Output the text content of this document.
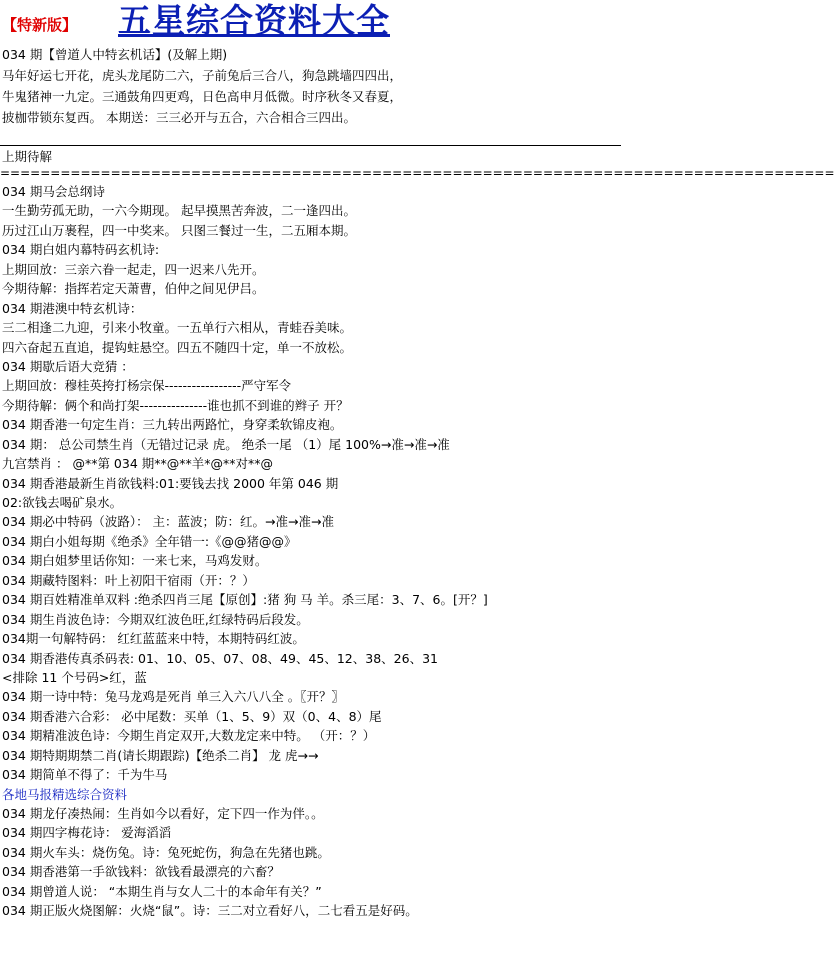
【特新版】 五星综合资料大全
034 期【曾道人中特玄机话】(及解上期)
马年好运七开花，虎头龙尾防二六，子前兔后三合八，狗急跳墙四四出，
牛鬼猪神一九定。三通鼓角四更鸡，日色高申月低微。时序秋冬又春夏，
披枷带锁东复西。 本期送：三三必开与五合，六合相合三四出。
上期待解
===================================================================================
034 期马会总纲诗
一生勤劳孤无助，一六今期现。 起早摸黑苦奔波，二一逢四出。
历过江山万裹程，四一中奖来。 只图三餐过一生，二五厢本期。
034 期白姐内幕特码玄机诗:
上期回放：三亲六眷一起走，四一迟来八先开。
今期待解：指挥若定天萧曹，伯仲之间见伊吕。
034 期港澳中特玄机诗：
三二相逢二九迎，引来小牧童。一五单行六相从，青蛙吞美味。
四六奋起五直追，提钩蛀悬空。四五不随四十定，单一不放松。
034 期歇后语大竞猜 ：
上期回放：穆桂英挎打杨宗保-----------------严守军令
今期待解：俩个和尚打架---------------谁也抓不到谁的辫子 开？
034 期香港一句定生肖：三九转出两路忙，身穿柔软锦皮袍。
034 期： 总公司禁生肖（无错过记录 虎。 绝杀一尾 （1）尾 100%→准→准→准
九宫禁肖 ： @**第 034 期**@**羊*@**对**@
034 期香港最新生肖欲钱料:01:要钱去找 2000 年第 046 期
02:欲钱去喝矿泉水。
034 期必中特码（波路）： 主：蓝波；防：红。→准→准→准
034 期白小姐每期《绝杀》全年错一:《@@猪@@》
034 期白姐梦里话你知：一来七来，马鸡发财。
034 期藏特图料：叶上初阳干宿雨（开：？）
034 期百姓精准单双料 :绝杀四肖三尾【原创】:猪 狗 马 羊。杀三尾：3、7、6。[开？]
034 期生肖波色诗：今期双红波色旺,红绿特码后段发。
034期一句解特码： 红红蓝蓝来中特，本期特码红波。
034 期香港传真杀码表: 01、10、05、07、08、49、45、12、38、26、31
<排除 11 个号码>红，蓝
034 期一诗中特：兔马龙鸡是死肖 单三入六八八全 。〖开？〗
034 期香港六合彩： 必中尾数：买单（1、5、9）双（0、4、8）尾
034 期精准波色诗：今期生肖定双开,大数龙定来中特。 （开：？）
034 期特期期禁二肖(请长期跟踪)【绝杀二肖】 龙 虎→→
034 期简单不得了：千为牛马
各地马报精选综合资料
034 期龙仔凑热闹：生肖如今以看好，定下四一作为伴。。
034 期四字梅花诗： 爱海滔滔
034 期火车头：烧伤兔。诗：兔死蛇伤，狗急在先猪也跳。
034 期香港第一手欲钱料：欲钱看最漂亮的六畜？
034 期曾道人说： “本期生肖与女人二十的本命年有关？”
034 期正版火烧图解：火烧“鼠”。诗：三二对立看好八，二七看五是好码。
